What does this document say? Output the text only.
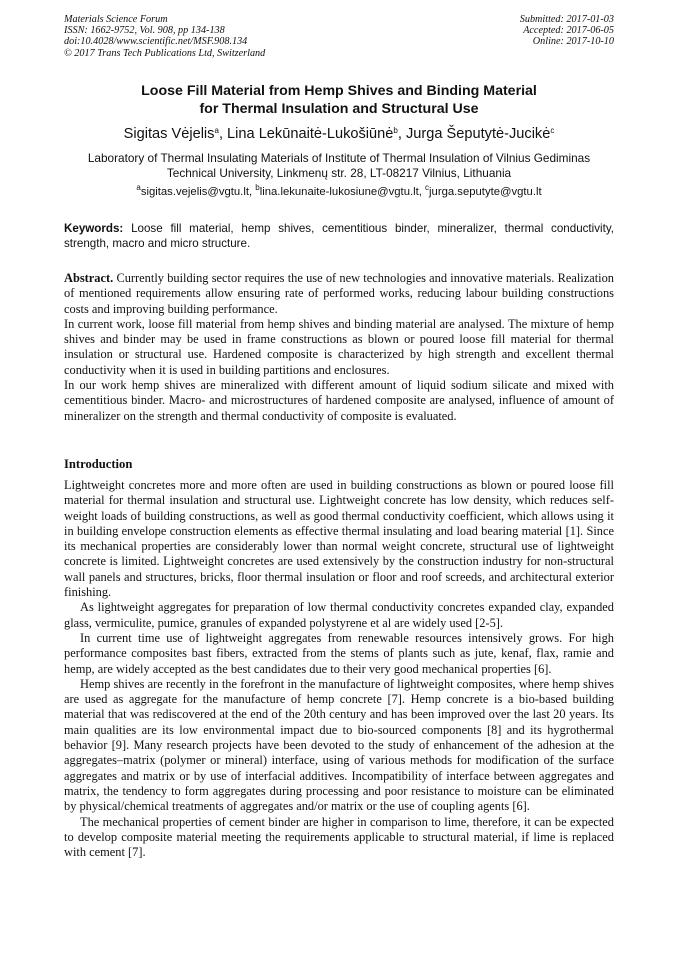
Materials Science Forum
ISSN: 1662-9752, Vol. 908, pp 134-138
doi:10.4028/www.scientific.net/MSF.908.134
© 2017 Trans Tech Publications Ltd, Switzerland
Submitted: 2017-01-03
Accepted: 2017-06-05
Online: 2017-10-10
Loose Fill Material from Hemp Shives and Binding Material
for Thermal Insulation and Structural Use
Sigitas Vėjelis$^a$, Lina Lekūnaitė-Lukošiūnė$^b$, Jurga Šeputytė-Jucikė$^c$
Laboratory of Thermal Insulating Materials of Institute of Thermal Insulation of Vilnius Gediminas
Technical University, Linkmenų str. 28, LT-08217 Vilnius, Lithuania
$^a$sigitas.vejelis@vgtu.lt, $^b$lina.lekunaite-lukosiune@vgtu.lt, $^c$jurga.seputyte@vgtu.lt
Keywords: Loose fill material, hemp shives, cementitious binder, mineralizer, thermal conductivity, strength, macro and micro structure.

Abstract. Currently building sector requires the use of new technologies and innovative materials. Realization of mentioned requirements allow ensuring rate of performed works, reducing labour building constructions costs and improving building performance.

In current work, loose fill material from hemp shives and binding material are analysed. The mixture of hemp shives and binder may be used in frame constructions as blown or poured loose fill material for thermal insulation or structural use. Hardened composite is characterized by high strength and excellent thermal conductivity when it is used in building partitions and enclosures.

In our work hemp shives are mineralized with different amount of liquid sodium silicate and mixed with cementitious binder. Macro- and microstructures of hardened composite are analysed, influence of amount of mineralizer on the strength and thermal conductivity of composite is evaluated.

Introduction

Lightweight concretes more and more often are used in building constructions as blown or poured loose fill material for thermal insulation and structural use. Lightweight concrete has low density, which reduces self-weight loads of building constructions, as well as good thermal conductivity coefficient, which allows using it in building envelope construction elements as effective thermal insulating and load bearing material [1]. Since its mechanical properties are considerably lower than normal weight concrete, structural use of lightweight concrete is limited. Lightweight concretes are used extensively by the construction industry for non-structural wall panels and structures, bricks, floor thermal insulation or floor and roof screeds, and architectural exterior finishing.

As lightweight aggregates for preparation of low thermal conductivity concretes expanded clay, expanded glass, vermiculite, pumice, granules of expanded polystyrene et al are widely used [2-5].

In current time use of lightweight aggregates from renewable resources intensively grows. For high performance composites bast fibers, extracted from the stems of plants such as jute, kenaf, flax, ramie and hemp, are widely accepted as the best candidates due to their very good mechanical properties [6].

Hemp shives are recently in the forefront in the manufacture of lightweight composites, where hemp shives are used as aggregate for the manufacture of hemp concrete [7]. Hemp concrete is a bio-based building material that was rediscovered at the end of the 20th century and has been improved over the last 20 years. Its main qualities are its low environmental impact due to bio-sourced components [8] and its hygrothermal behavior [9]. Many research projects have been devoted to the study of enhancement of the adhesion at the aggregates–matrix (polymer or mineral) interface, using of various methods for modification of the surface aggregates and matrix or by use of interfacial additives. Incompatibility of interface between aggregates and matrix, the tendency to form aggregates during processing and poor resistance to moisture can be eliminated by physical/chemical treatments of aggregates and/or matrix or the use of coupling agents [6].

The mechanical properties of cement binder are higher in comparison to lime, therefore, it can be expected to develop composite material meeting the requirements applicable to structural material, if lime is replaced with cement [7].
